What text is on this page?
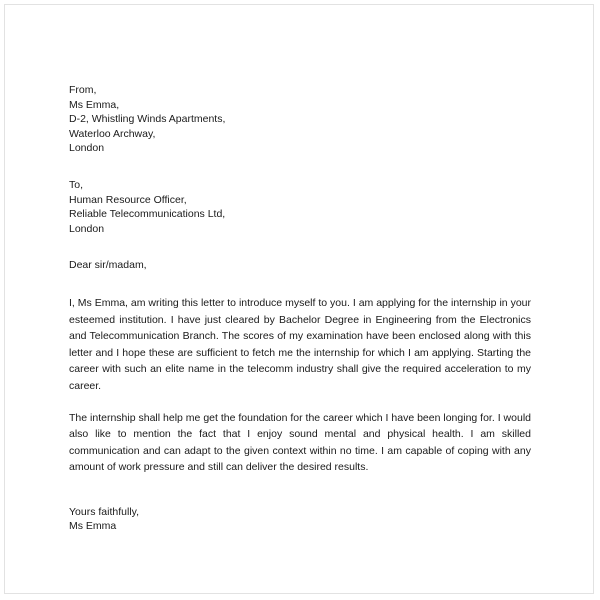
From,
Ms Emma,
D-2, Whistling Winds Apartments,
Waterloo Archway,
London
To,
Human Resource Officer,
Reliable Telecommunications Ltd,
London
Dear sir/madam,

I, Ms Emma, am writing this letter to introduce myself to you. I am applying for the internship in your esteemed institution. I have just cleared by Bachelor Degree in Engineering from the Electronics and Telecommunication Branch. The scores of my examination have been enclosed along with this letter and I hope these are sufficient to fetch me the internship for which I am applying. Starting the career with such an elite name in the telecomm industry shall give the required acceleration to my career.

The internship shall help me get the foundation for the career which I have been longing for. I would also like to mention the fact that I enjoy sound mental and physical health. I am skilled communication and can adapt to the given context within no time. I am capable of coping with any amount of work pressure and still can deliver the desired results.

Yours faithfully,
Ms Emma
